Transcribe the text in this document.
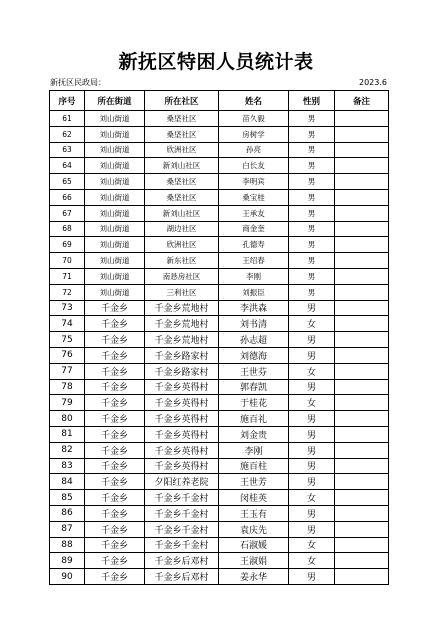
新抚区特困人员统计表
新抚区民政局：	2023.6
序号	所在街道	所在社区	姓名	性别	备注
61	刘山街道	桑垡社区	苗久毅	男	
62	刘山街道	桑垡社区	房树学	男	
63	刘山街道	欣洲社区	孙亮	男	
64	刘山街道	新刘山社区	白长友	男	
65	刘山街道	桑垡社区	李明宾	男	
66	刘山街道	桑垡社区	桑宝桂	男	
67	刘山街道	新刘山社区	王承友	男	
68	刘山街道	湖边社区	商金奎	男	
69	刘山街道	欣洲社区	孔德寿	男	
70	刘山街道	新东社区	王绍春	男	
71	刘山街道	南恳房社区	李刚	男	
72	刘山街道	三利社区	刘振臣	男	
73	千金乡	千金乡荒地村	李洪森	男	
74	千金乡	千金乡荒地村	刘书清	女	
75	千金乡	千金乡荒地村	孙志超	男	
76	千金乡	千金乡路家村	刘德海	男	
77	千金乡	千金乡路家村	王世芬	女	
78	千金乡	千金乡英得村	郭春凯	男	
79	千金乡	千金乡英得村	于桂花	女	
80	千金乡	千金乡英得村	施百礼	男	
81	千金乡	千金乡英得村	刘金贵	男	
82	千金乡	千金乡英得村	李刚	男	
83	千金乡	千金乡英得村	施百柱	男	
84	千金乡	夕阳红养老院	王世芳	男	
85	千金乡	千金乡千金村	闵桂英	女	
86	千金乡	千金乡千金村	王玉有	男	
87	千金乡	千金乡千金村	袁庆先	男	
88	千金乡	千金乡千金村	石淑媛	女	
89	千金乡	千金乡后邓村	王淑娟	女	
90	千金乡	千金乡后邓村	姜永华	男	
